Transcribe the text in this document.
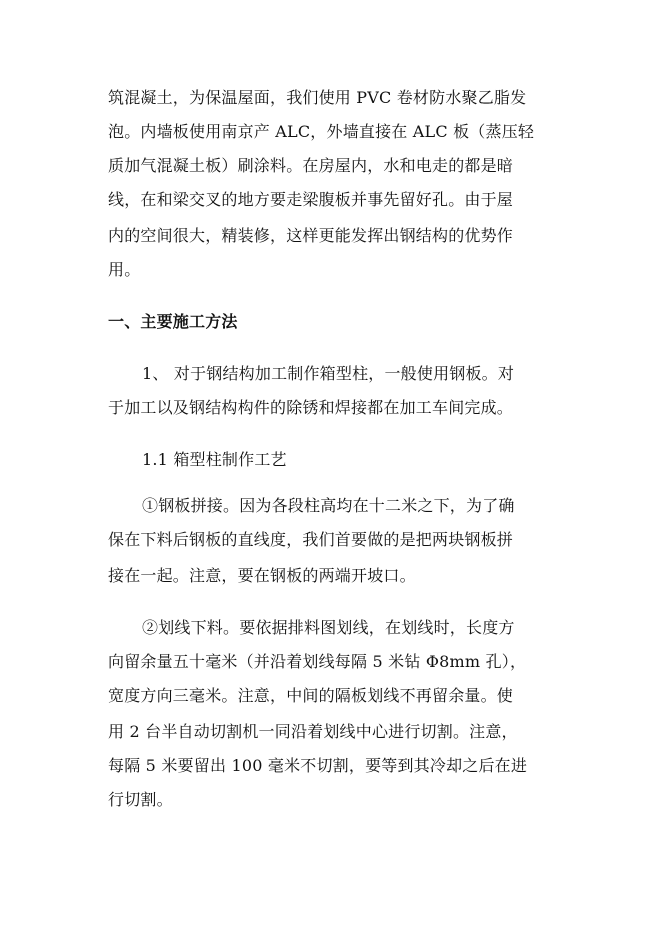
筑混凝土，为保温屋面，我们使用 PVC 卷材防水聚乙脂发
泡。内墙板使用南京产 ALC，外墙直接在 ALC 板（蒸压轻
质加气混凝土板）刷涂料。在房屋内，水和电走的都是暗
线，在和梁交叉的地方要走梁腹板并事先留好孔。由于屋
内的空间很大，精装修，这样更能发挥出钢结构的优势作
用。
一、主要施工方法
1、 对于钢结构加工制作箱型柱，一般使用钢板。对
于加工以及钢结构构件的除锈和焊接都在加工车间完成。
1.1 箱型柱制作工艺
①钢板拼接。因为各段柱高均在十二米之下，为了确
保在下料后钢板的直线度，我们首要做的是把两块钢板拼
接在一起。注意，要在钢板的两端开坡口。
②划线下料。要依据排料图划线，在划线时，长度方
向留余量五十毫米（并沿着划线每隔 5 米钻 Φ8mm 孔），
宽度方向三毫米。注意，中间的隔板划线不再留余量。使
用 2 台半自动切割机一同沿着划线中心进行切割。注意，
每隔 5 米要留出 100 毫米不切割，要等到其冷却之后在进
行切割。
